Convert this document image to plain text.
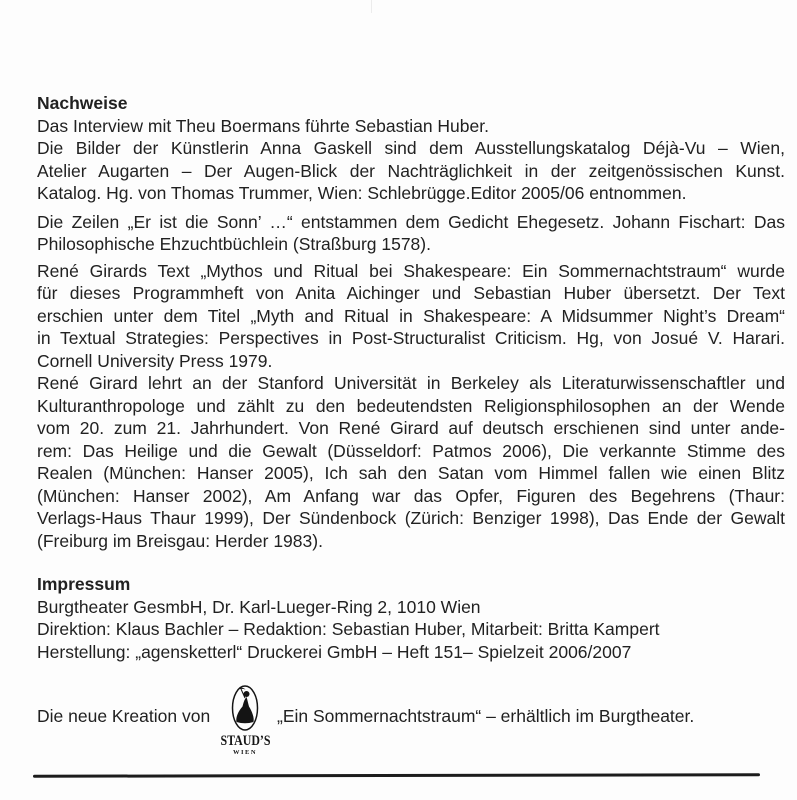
Nachweise
Das Interview mit Theu Boermans führte Sebastian Huber.
Die Bilder der Künstlerin Anna Gaskell sind dem Ausstellungskatalog Déjà-Vu – Wien,
Atelier Augarten – Der Augen-Blick der Nachträglichkeit in der zeitgenössischen Kunst.
Katalog. Hg. von Thomas Trummer, Wien: Schlebrügge.Editor 2005/06 entnommen.
Die Zeilen „Er ist die Sonn’ …“ entstammen dem Gedicht Ehegesetz. Johann Fischart: Das
Philosophische Ehzuchtbüchlein (Straßburg 1578).
René Girards Text „Mythos und Ritual bei Shakespeare: Ein Sommernachtstraum“ wurde
für dieses Programmheft von Anita Aichinger und Sebastian Huber übersetzt. Der Text
erschien unter dem Titel „Myth and Ritual in Shakespeare: A Midsummer Night’s Dream“
in Textual Strategies: Perspectives in Post-Structuralist Criticism. Hg, von Josué V. Harari.
Cornell University Press 1979.
René Girard lehrt an der Stanford Universität in Berkeley als Literaturwissenschaftler und
Kulturanthropologe und zählt zu den bedeutendsten Religionsphilosophen an der Wende
vom 20. zum 21. Jahrhundert. Von René Girard auf deutsch erschienen sind unter ande-
rem: Das Heilige und die Gewalt (Düsseldorf: Patmos 2006), Die verkannte Stimme des
Realen (München: Hanser 2005), Ich sah den Satan vom Himmel fallen wie einen Blitz
(München: Hanser 2002), Am Anfang war das Opfer, Figuren des Begehrens (Thaur:
Verlags-Haus Thaur 1999), Der Sündenbock (Zürich: Benziger 1998), Das Ende der Gewalt
(Freiburg im Breisgau: Herder 1983).
Impressum
Burgtheater GesmbH, Dr. Karl-Lueger-Ring 2, 1010 Wien
Direktion: Klaus Bachler – Redaktion: Sebastian Huber, Mitarbeit: Britta Kampert
Herstellung: „agensketterl“ Druckerei GmbH – Heft 151– Spielzeit 2006/2007
Die neue Kreation von
STAUD’S
WIEN
„Ein Sommernachtstraum“ – erhältlich im Burgtheater.
